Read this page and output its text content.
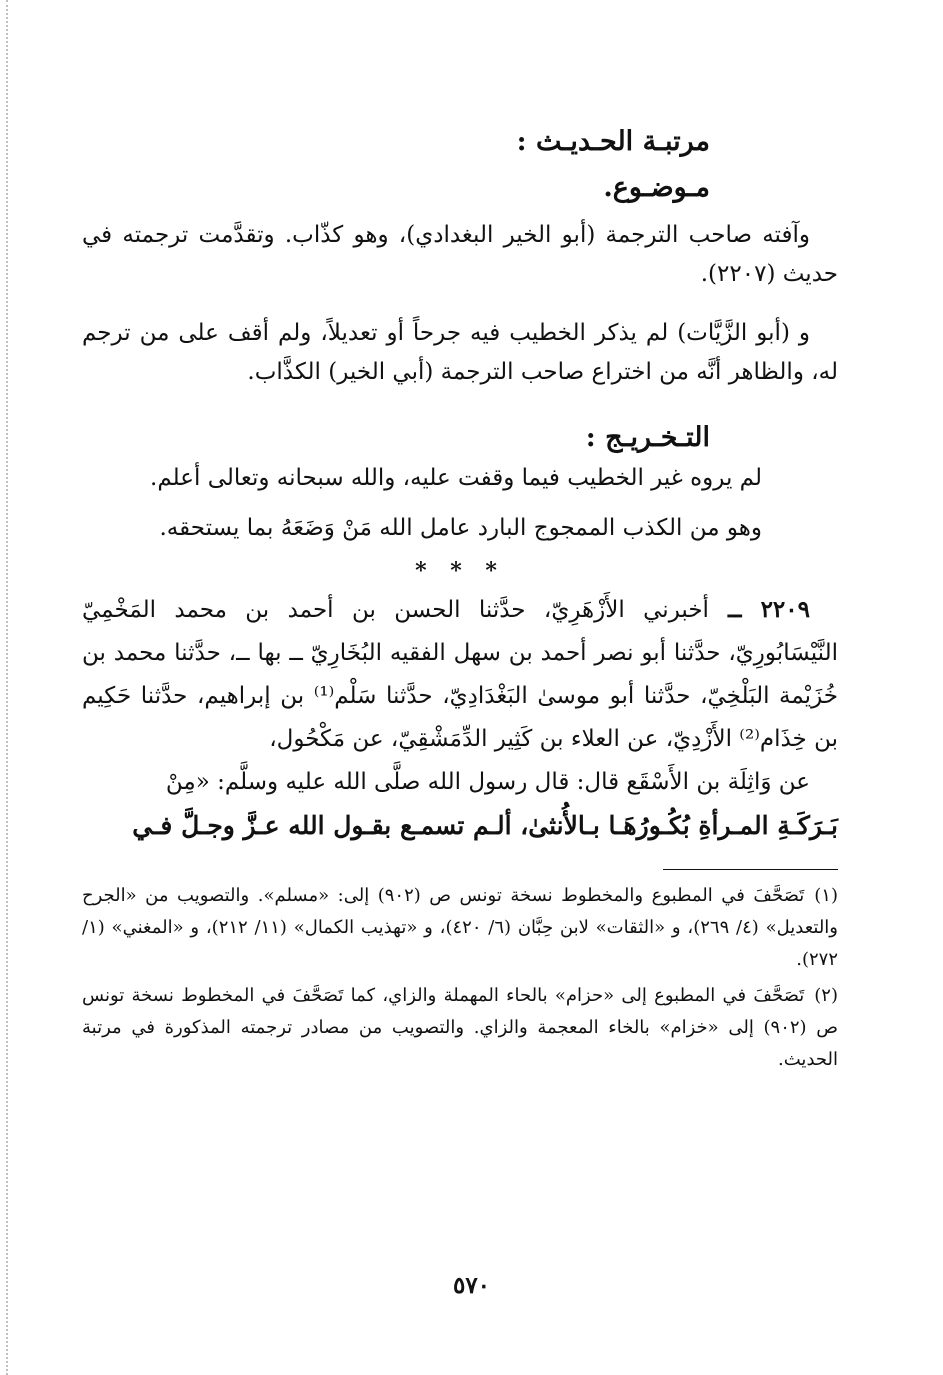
مرتبـة الحـديـث :
مـوضـوع.

وآفته صاحب الترجمة (أبو الخير البغدادي)، وهو كذّاب. وتقدَّمت ترجمته في حديث (٢٢٠٧).

و (أبو الزَّيَّات) لم يذكر الخطيب فيه جرحاً أو تعديلاً، ولم أقف على من ترجم له، والظاهر أنَّه من اختراع صاحب الترجمة (أبي الخير) الكذَّاب.

التـخـريـج :
لم يروه غير الخطيب فيما وقفت عليه، والله سبحانه وتعالى أعلم.
وهو من الكذب الممجوج البارد عامل الله مَنْ وَضَعَهُ بما يستحقه.
* * *

٢٢٠٩ ــ أخبرني الأَزْهَرِيّ، حدَّثنا الحسن بن أحمد بن محمد المَخْمِيّ النَّيْسَابُورِيّ، حدَّثنا أبو نصر أحمد بن سهل الفقيه البُخَارِيّ ــ بها ــ، حدَّثنا محمد بن خُزَيْمة البَلْخِيّ، حدَّثنا أبو موسىٰ البَغْدَادِيّ، حدَّثنا سَلْم⁽¹⁾ بن إبراهيم، حدَّثنا حَكِيم بن خِذَام⁽²⁾ الأَزْدِيّ، عن العلاء بن كَثِير الدِّمَشْقِيّ، عن مَكْحُول،

عن وَاثِلَة بن الأَسْقَع قال: قال رسول الله صلَّى الله عليه وسلَّم: «مِنْ

بَـرَكَـةِ المـرأةِ بُكُـورُهَـا بـالأُنثىٰ، ألـم تسمـع بقـول الله عـزَّ وجـلَّ فـي

(١)تَصَحَّفَ في المطبوع والمخطوط نسخة تونس ص (٩٠٢) إلى: «مسلم». والتصويب من «الجرح والتعديل» (٤/ ٢٦٩)، و «الثقات» لابن حِبَّان (٦/ ٤٢٠)، و «تهذيب الكمال» (١١/ ٢١٢)، و «المغني» (١/ ٢٧٢).

(٢)تَصَحَّفَ في المطبوع إلى «حزام» بالحاء المهملة والزاي، كما تَصَحَّفَ في المخطوط نسخة تونس ص (٩٠٢) إلى «خزام» بالخاء المعجمة والزاي. والتصويب من مصادر ترجمته المذكورة في مرتبة الحديث.

٥٧٠
